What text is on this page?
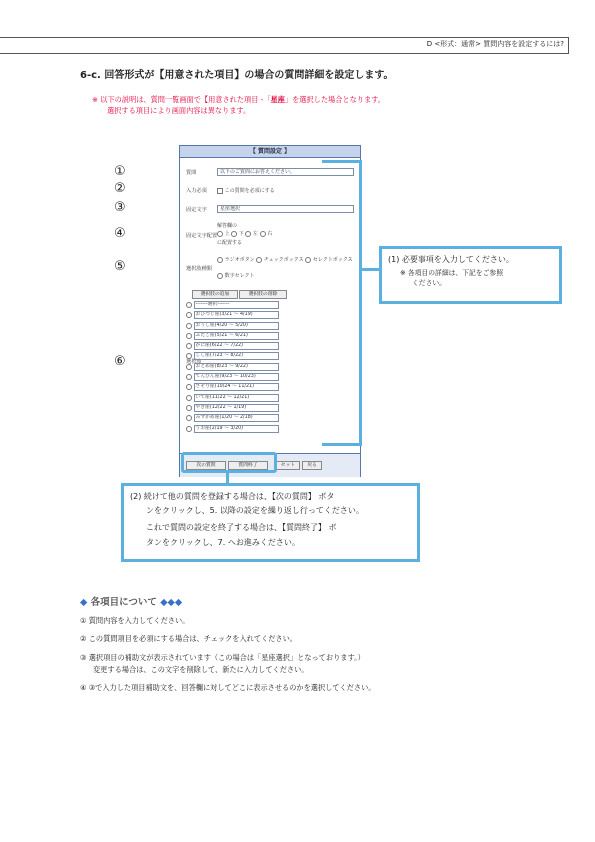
D <形式：通常> 質問内容を設定するには?
6-c. 回答形式が【用意された項目】の場合の質問詳細を設定します。
※ 以下の説明は、質問一覧画面で【用意された項目 -「星座」を選択した場合となります。
選択する項目により画面内容は異なります。
①
②
③
④
⑤
⑥
【 質問設定 】
質問	以下のご質問にお答えください。
入力必須	この質問を必須にする
固定文字	星座選択
固定文字配置
解答欄の
上 下 左 右
に配置する
選択肢種類
ラジオボタン チェックボックス セレクトボックス
数字セレクト
選択肢
選択肢の追加	選択肢の削除
-------選択-------
おひつじ座(3/21 ～ 4/19)
おうし座(4/20 ～ 5/20)
ふたご座(5/21 ～ 6/21)
かに座(6/22 ～ 7/22)
しし座(7/23 ～ 8/22)
おとめ座(8/23 ～ 9/22)
てんびん座(9/23 ～ 10/23)
さそり座(10/24 ～ 11/21)
いて座(11/22 ～ 12/21)
やぎ座(12/22 ～ 1/19)
みずがめ座(1/20 ～ 2/18)
うお座(2/19 ～ 3/20)
次の質問	質問終了	セット	戻る
(1) 必要事項を入力してください。
※ 各項目の詳細は、下記をご参照
ください。
(2) 続けて他の質問を登録する場合は、【次の質問】 ボタ
ンをクリックし、5. 以降の設定を繰り返し行ってください。
これで質問の設定を終了する場合は、【質問終了】 ボ
タンをクリックし、7. へお進みください。
◆ 各項目について ◆◆◆
① 質問内容を入力してください。
② この質問項目を必須にする場合は、チェックを入れてください。
③ 選択項目の補助文が表示されています（この場合は「星座選択」となっております。）
変更する場合は、この文字を削除して、新たに入力してください。
④ ③で入力した項目補助文を、回答欄に対してどこに表示させるのかを選択してください。
